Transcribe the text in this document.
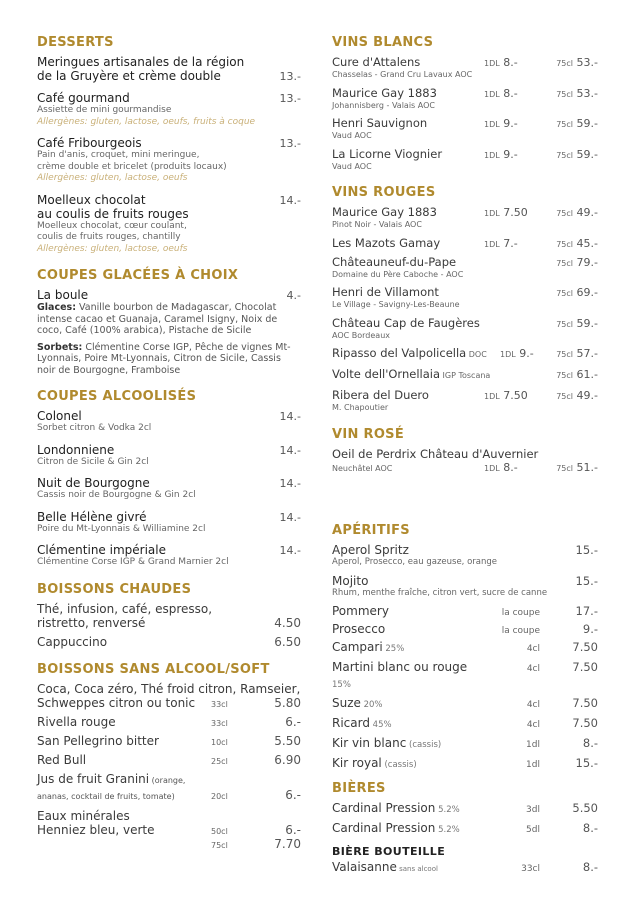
DESSERTS
Meringues artisanales de la région
de la Gruyère et crème double	13.-
Café gourmand	13.-
Assiette de mini gourmandise
Allergènes: gluten, lactose, oeufs, fruits à coque
Café Fribourgeois	13.-
Pain d'anis, croquet, mini meringue,
crème double et bricelet (produits locaux)
Allergènes: gluten, lactose, oeufs
Moelleux chocolat	14.-
au coulis de fruits rouges
Moelleux chocolat, cœur coulant,
coulis de fruits rouges, chantilly
Allergènes: gluten, lactose, oeufs
COUPES GLACÉES À CHOIX
La boule	4.-
Glaces: Vanille bourbon de Madagascar, Chocolat intense cacao et Guanaja, Caramel Isigny, Noix de coco, Café (100% arabica), Pistache de Sicile
Sorbets: Clémentine Corse IGP, Pêche de vignes Mt-Lyonnais, Poire Mt-Lyonnais, Citron de Sicile, Cassis noir de Bourgogne, Framboise
COUPES ALCOOLISÉS
Colonel	14.-
Sorbet citron & Vodka 2cl
Londonniene	14.-
Citron de Sicile & Gin 2cl
Nuit de Bourgogne	14.-
Cassis noir de Bourgogne & Gin 2cl
Belle Hélène givré	14.-
Poire du Mt-Lyonnais & Williamine 2cl
Clémentine impériale	14.-
Clémentine Corse IGP & Grand Marnier 2cl
BOISSONS CHAUDES
Thé, infusion, café, espresso,
ristretto, renversé	4.50
Cappuccino	6.50
BOISSONS SANS ALCOOL/SOFT
Coca, Coca zéro, Thé froid citron, Ramseier,
Schweppes citron ou tonic	33cl	5.80
Rivella rouge	33cl	6.-
San Pellegrino bitter	10cl	5.50
Red Bull	25cl	6.90
Jus de fruit Granini (orange,
ananas, cocktail de fruits, tomate)	20cl	6.-
Eaux minérales
Henniez bleu, verte	50cl	6.-
75cl	7.70
VINS BLANCS
Cure d'Attalens	1DL 8.-	75cl 53.-
Chasselas - Grand Cru Lavaux AOC
Maurice Gay 1883	1DL 8.-	75cl 53.-
Johannisberg - Valais AOC
Henri Sauvignon	1DL 9.-	75cl 59.-
Vaud AOC
La Licorne Viognier	1DL 9.-	75cl 59.-
Vaud AOC
VINS ROUGES
Maurice Gay 1883	1DL 7.50	75cl 49.-
Pinot Noir - Valais AOC
Les Mazots Gamay	1DL 7.-	75cl 45.-
Châteauneuf-du-Pape	75cl 79.-
Domaine du Père Caboche - AOC
Henri de Villamont	75cl 69.-
Le Village - Savigny-Les-Beaune
Château Cap de Faugères	75cl 59.-
AOC Bordeaux
Ripasso del Valpolicella DOC	1DL 9.-	75cl 57.-
Volte dell'Ornellaia IGP Toscana	75cl 61.-
Ribera del Duero	1DL 7.50	75cl 49.-
M. Chapoutier
VIN ROSÉ
Oeil de Perdrix Château d'Auvernier
Neuchâtel AOC	1DL 8.-	75cl 51.-
APÉRITIFS
Aperol Spritz	15.-
Aperol, Prosecco, eau gazeuse, orange
Mojito	15.-
Rhum, menthe fraîche, citron vert, sucre de canne
Pommery	la coupe	17.-
Prosecco	la coupe	9.-
Campari 25%	4cl	7.50
Martini blanc ou rouge 15%
4cl	7.50
Suze 20%	4cl	7.50
Ricard 45%	4cl	7.50
Kir vin blanc (cassis)	1dl	8.-
Kir royal (cassis)	1dl	15.-
BIÈRES
Cardinal Pression 5.2%	3dl	5.50
Cardinal Pression 5.2%	5dl	8.-
BIÈRE BOUTEILLE
Valaisanne sans alcool	33cl	8.-
